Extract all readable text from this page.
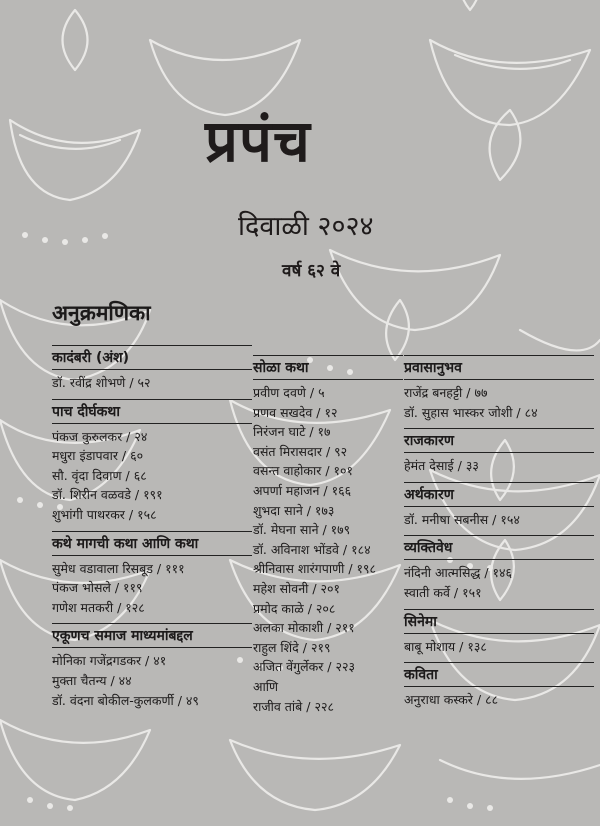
प्रपंच
दिवाळी २०२४
वर्ष ६२ वे
अनुक्रमणिका
कादंबरी (अंश)
डॉ. रवींद्र शोभणे / ५२
पाच दीर्घकथा
पंकज कुरुलकर / २४
मधुरा इंडापवार / ६०
सौ. वृंदा दिवाण / ६८
डॉ. शिरीन वळवडे / १९१
शुभांगी पाथरकर / १५८
कथे मागची कथा आणि कथा
सुमेध वडावाला रिसबूड / १११
पंकज भोसले / ११९
गणेश मतकरी / १२८
एकूणच समाज माध्यमांबद्दल
मोनिका गजेंद्रगडकर / ४१
मुक्ता चैतन्य / ४४
डॉ. वंदना बोकील-कुलकर्णी / ४९
सोळा कथा
प्रवीण दवणे / ५
प्रणव सखदेव / १२
निरंजन घाटे / १७
वसंत मिरासदार / ९२
वसन्त वाहोकार / १०१
अपर्णा महाजन / १६६
शुभदा साने / १७३
डॉ. मेघना साने / १७९
डॉ. अविनाश भोंडवे / १८४
श्रीनिवास शारंगपाणी / १९८
महेश सोवनी / २०१
प्रमोद काळे / २०८
अलका मोकाशी / २११
राहुल शिंदे / २१९
अजित वेंगुर्लेकर / २२३
आणि
राजीव तांबे / २२८
प्रवासानुभव
राजेंद्र बनहट्टी / ७७
डॉ. सुहास भास्कर जोशी / ८४
राजकारण
हेमंत देसाई / ३३
अर्थकारण
डॉ. मनीषा सबनीस / १५४
व्यक्तिवेध
नंदिनी आत्मसिद्ध / १४६
स्वाती कर्वे / १५१
सिनेमा
बाबू मोशाय / १३८
कविता
अनुराधा कस्करे / ८८
